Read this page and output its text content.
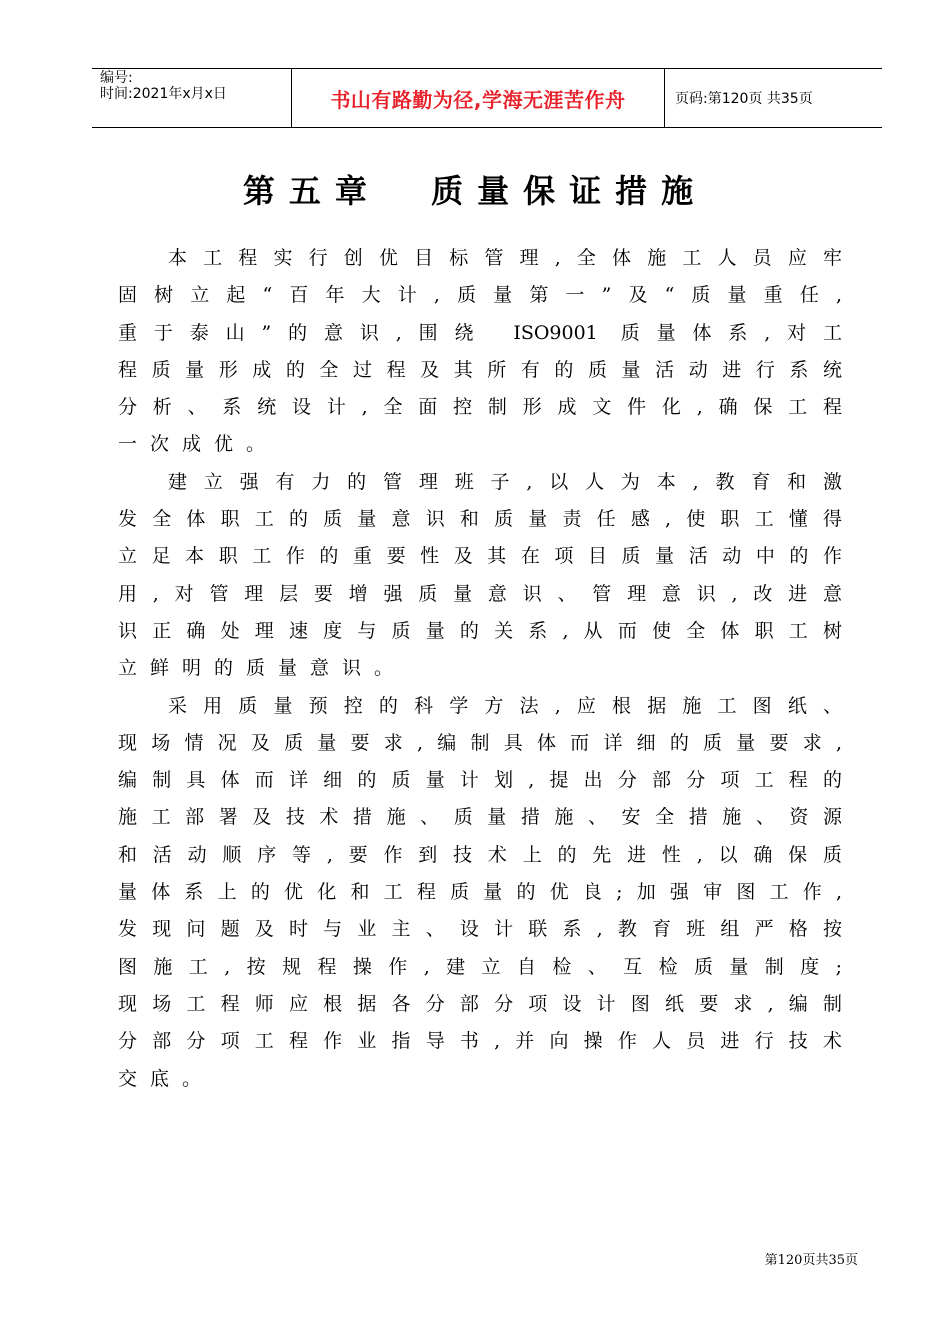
编号:
时间:2021年x月x日	书山有路勤为径,学海无涯苦作舟	页码:第120页 共35页
第五章  质量保证措施
本工程实行创优目标管理,全体施工人员应牢
固树立起“百年大计,质量第一”及“质量重任,
重于泰山”的意识,围绕 ISO9001 质量体系,对工
程质量形成的全过程及其所有的质量活动进行系统
分析、系统设计,全面控制形成文件化,确保工程
一次成优。
建立强有力的管理班子,以人为本,教育和激
发全体职工的质量意识和质量责任感,使职工懂得
立足本职工作的重要性及其在项目质量活动中的作
用,对管理层要增强质量意识、管理意识,改进意
识正确处理速度与质量的关系,从而使全体职工树
立鲜明的质量意识。
采用质量预控的科学方法,应根据施工图纸、
现场情况及质量要求,编制具体而详细的质量要求,
编制具体而详细的质量计划,提出分部分项工程的
施工部署及技术措施、质量措施、安全措施、资源
和活动顺序等,要作到技术上的先进性,以确保质
量体系上的优化和工程质量的优良;加强审图工作,
发现问题及时与业主、设计联系,教育班组严格按
图施工,按规程操作,建立自检、互检质量制度;
现场工程师应根据各分部分项设计图纸要求,编制
分部分项工程作业指导书,并向操作人员进行技术
交底。
第120页共35页
